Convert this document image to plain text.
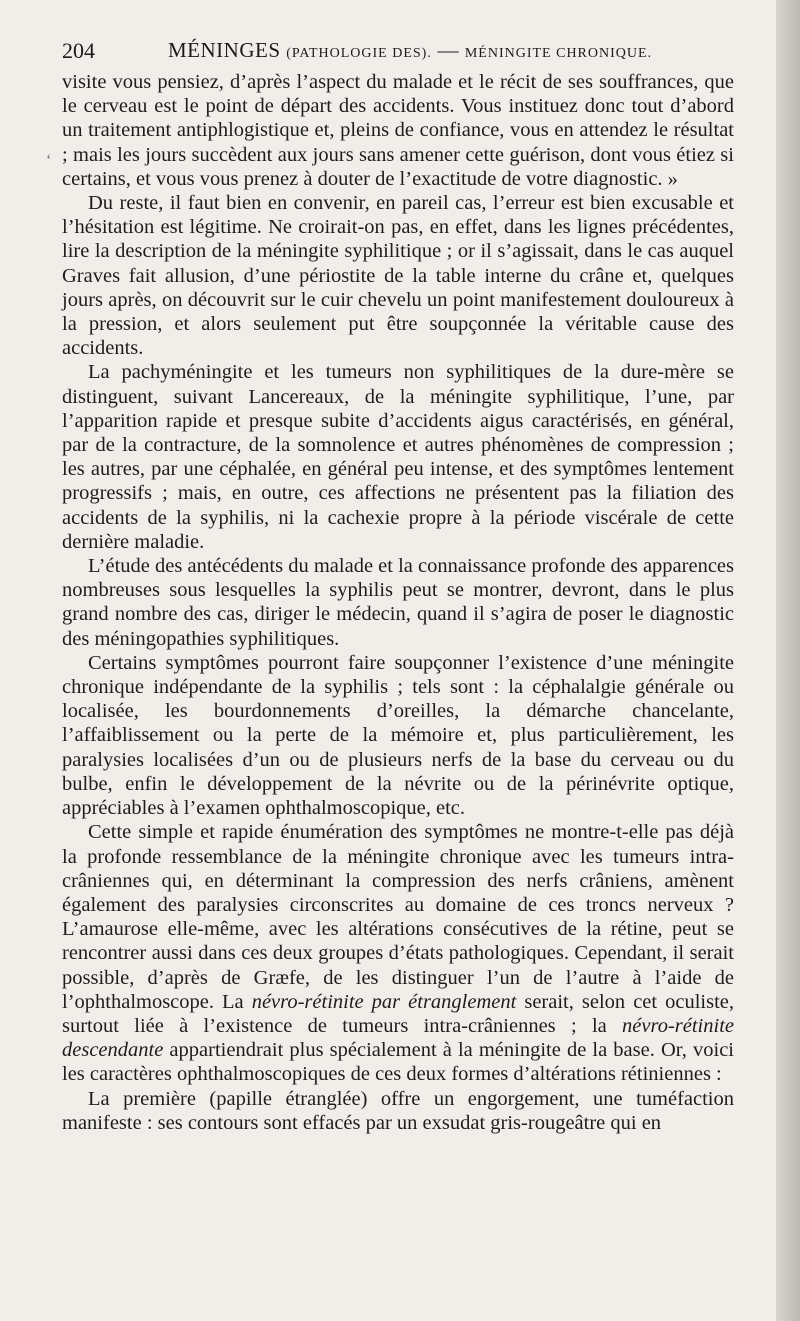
204	MÉNINGES (PATHOLOGIE DES). — MÉNINGITE CHRONIQUE.
ʻ

visite vous pensiez, d’après l’aspect du malade et le récit de ses souffrances, que le cerveau est le point de départ des accidents. Vous instituez donc tout d’abord un traitement antiphlogistique et, pleins de confiance, vous en attendez le résultat ; mais les jours succèdent aux jours sans amener cette guérison, dont vous étiez si certains, et vous vous prenez à douter de l’exactitude de votre diagnostic. »

Du reste, il faut bien en convenir, en pareil cas, l’erreur est bien excusable et l’hésitation est légitime. Ne croirait-on pas, en effet, dans les lignes précédentes, lire la description de la méningite syphilitique ; or il s’agissait, dans le cas auquel Graves fait allusion, d’une périostite de la table interne du crâne et, quelques jours après, on découvrit sur le cuir chevelu un point manifestement douloureux à la pression, et alors seulement put être soupçonnée la véritable cause des accidents.

La pachyméningite et les tumeurs non syphilitiques de la dure-mère se distinguent, suivant Lancereaux, de la méningite syphilitique, l’une, par l’apparition rapide et presque subite d’accidents aigus caractérisés, en général, par de la contracture, de la somnolence et autres phénomènes de compression ; les autres, par une céphalée, en général peu intense, et des symptômes lentement progressifs ; mais, en outre, ces affections ne présentent pas la filiation des accidents de la syphilis, ni la cachexie propre à la période viscérale de cette dernière maladie.

L’étude des antécédents du malade et la connaissance profonde des apparences nombreuses sous lesquelles la syphilis peut se montrer, devront, dans le plus grand nombre des cas, diriger le médecin, quand il s’agira de poser le diagnostic des méningopathies syphilitiques.

Certains symptômes pourront faire soupçonner l’existence d’une méningite chronique indépendante de la syphilis ; tels sont : la céphalalgie générale ou localisée, les bourdonnements d’oreilles, la démarche chancelante, l’affaiblissement ou la perte de la mémoire et, plus particulièrement, les paralysies localisées d’un ou de plusieurs nerfs de la base du cerveau ou du bulbe, enfin le développement de la névrite ou de la périnévrite optique, appréciables à l’examen ophthalmoscopique, etc.

Cette simple et rapide énumération des symptômes ne montre-t-elle pas déjà la profonde ressemblance de la méningite chronique avec les tumeurs intra-crâniennes qui, en déterminant la compression des nerfs crâniens, amènent également des paralysies circonscrites au domaine de ces troncs nerveux ? L’amaurose elle-même, avec les altérations consécutives de la rétine, peut se rencontrer aussi dans ces deux groupes d’états pathologiques. Cependant, il serait possible, d’après de Græfe, de les distinguer l’un de l’autre à l’aide de l’ophthalmoscope. La névro-rétinite par étranglement serait, selon cet oculiste, surtout liée à l’existence de tumeurs intra-crâniennes ; la névro-rétinite descendante appartiendrait plus spécialement à la méningite de la base. Or, voici les caractères ophthalmoscopiques de ces deux formes d’altérations rétiniennes :

La première (papille étranglée) offre un engorgement, une tuméfaction manifeste : ses contours sont effacés par un exsudat gris-rougeâtre qui en
